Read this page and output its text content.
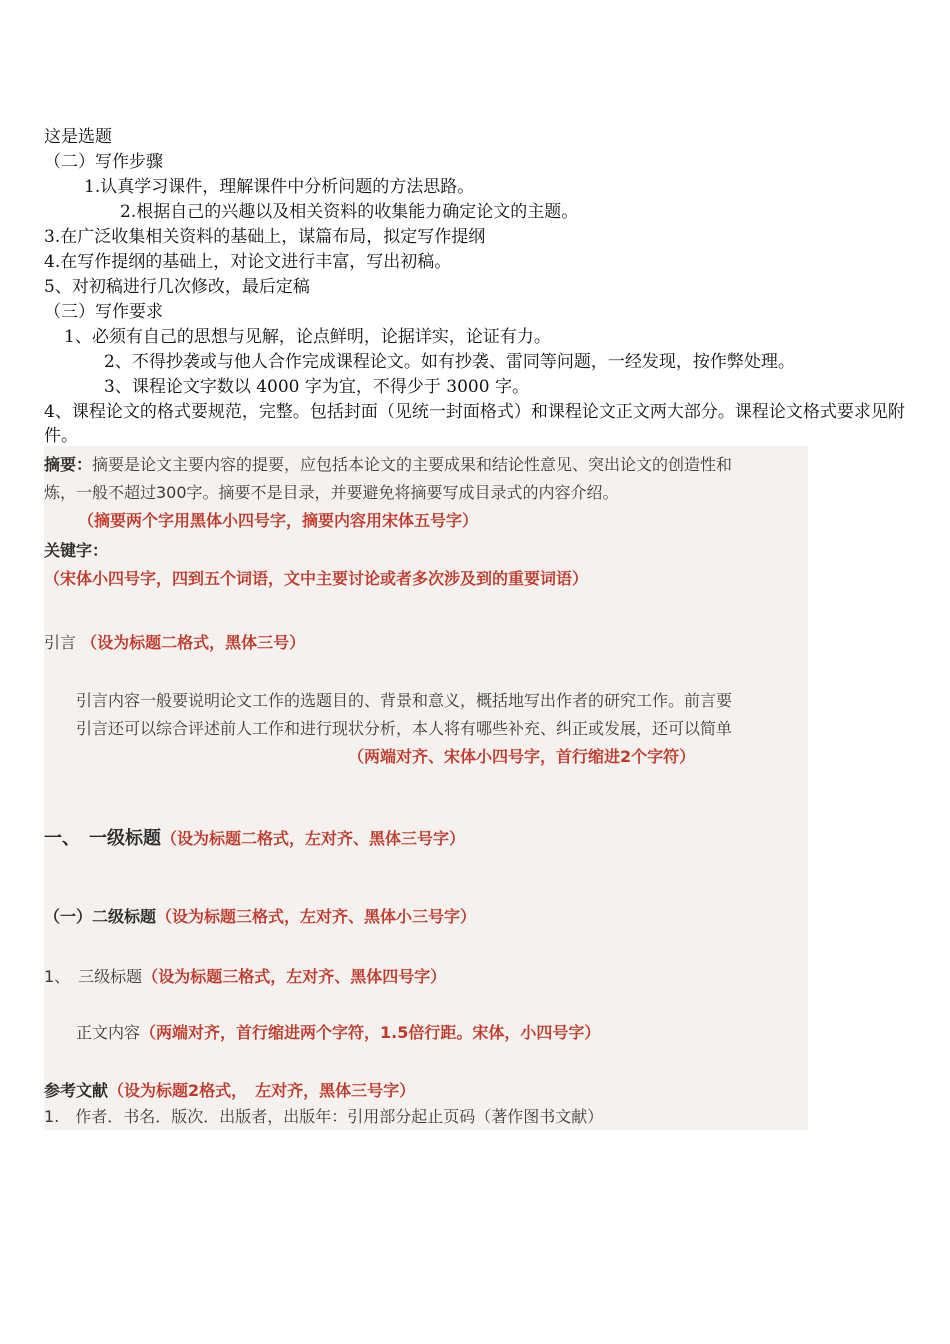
这是选题
（二）写作步骤
1.认真学习课件，理解课件中分析问题的方法思路。
2.根据自己的兴趣以及相关资料的收集能力确定论文的主题。
3.在广泛收集相关资料的基础上，谋篇布局，拟定写作提纲
4.在写作提纲的基础上，对论文进行丰富，写出初稿。
5、对初稿进行几次修改，最后定稿
（三）写作要求
1、必须有自己的思想与见解，论点鲜明，论据详实，论证有力。
2、不得抄袭或与他人合作完成课程论文。如有抄袭、雷同等问题，一经发现，按作弊处理。
3、课程论文字数以 4000 字为宜，不得少于 3000 字。
4、课程论文的格式要规范，完整。包括封面（见统一封面格式）和课程论文正文两大部分。课程论文格式要求见附件。
摘要：摘要是论文主要内容的提要，应包括本论文的主要成果和结论性意见、突出论文的创造性和
炼，一般不超过300字。摘要不是目录，并要避免将摘要写成目录式的内容介绍。
（摘要两个字用黑体小四号字，摘要内容用宋体五号字）
关键字：
（宋体小四号字，四到五个词语，文中主要讨论或者多次涉及到的重要词语）
引言 （设为标题二格式，黑体三号）
引言内容一般要说明论文工作的选题目的、背景和意义，概括地写出作者的研究工作。前言要
引言还可以综合评述前人工作和进行现状分析，本人将有哪些补充、纠正或发展，还可以简单
（两端对齐、宋体小四号字，首行缩进2个字符）
一、　一级标题（设为标题二格式，左对齐、黑体三号字）
（一）二级标题（设为标题三格式，左对齐、黑体小三号字）
1、　三级标题（设为标题三格式，左对齐、黑体四号字）
正文内容（两端对齐，首行缩进两个字符，1.5倍行距。宋体，小四号字）
参考文献（设为标题2格式，　左对齐，黑体三号字）
1.　作者．书名．版次．出版者，出版年：引用部分起止页码（著作图书文献）
